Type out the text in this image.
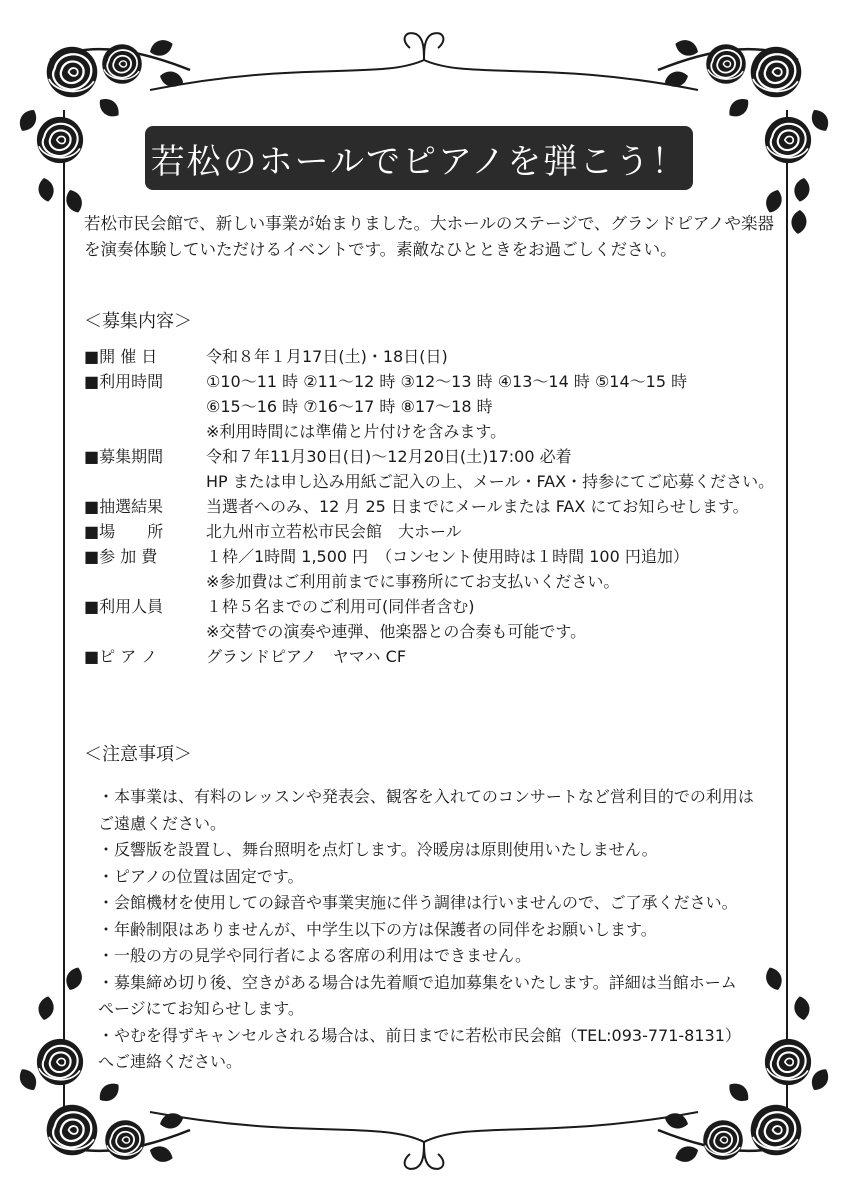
若松のホールでピアノを弾こう！
若松市民会館で、新しい事業が始まりました。大ホールのステージで、グランドピアノや楽器
を演奏体験していただけるイベントです。素敵なひとときをお過ごしください。
＜募集内容＞
■開 催 日	令和８年１月17日(土)・18日(日)
■利用時間	①10～11 時 ②11～12 時 ③12～13 時 ④13～14 時 ⑤14～15 時
⑥15～16 時 ⑦16～17 時 ⑧17～18 時
※利用時間には準備と片付けを含みます。
■募集期間	令和７年11月30日(日)～12月20日(土)17:00 必着
HP または申し込み用紙ご記入の上、メール・FAX・持参にてご応募ください。
■抽選結果	当選者へのみ、12 月 25 日までにメールまたは FAX にてお知らせします。
■場　　所	北九州市立若松市民会館　大ホール
■参 加 費	１枠／1時間 1,500 円　（コンセント使用時は１時間 100 円追加）
※参加費はご利用前までに事務所にてお支払いください。
■利用人員	１枠５名までのご利用可(同伴者含む)
※交替での演奏や連弾、他楽器との合奏も可能です。
■ピ ア ノ	グランドピアノ　ヤマハ CF
＜注意事項＞
・本事業は、有料のレッスンや発表会、観客を入れてのコンサートなど営利目的での利用は
ご遠慮ください。
・反響版を設置し、舞台照明を点灯します。冷暖房は原則使用いたしません。
・ピアノの位置は固定です。
・会館機材を使用しての録音や事業実施に伴う調律は行いませんので、ご了承ください。
・年齢制限はありませんが、中学生以下の方は保護者の同伴をお願いします。
・一般の方の見学や同行者による客席の利用はできません。
・募集締め切り後、空きがある場合は先着順で追加募集をいたします。詳細は当館ホーム
ページにてお知らせします。
・やむを得ずキャンセルされる場合は、前日までに若松市民会館（TEL:093-771-8131）
へご連絡ください。
